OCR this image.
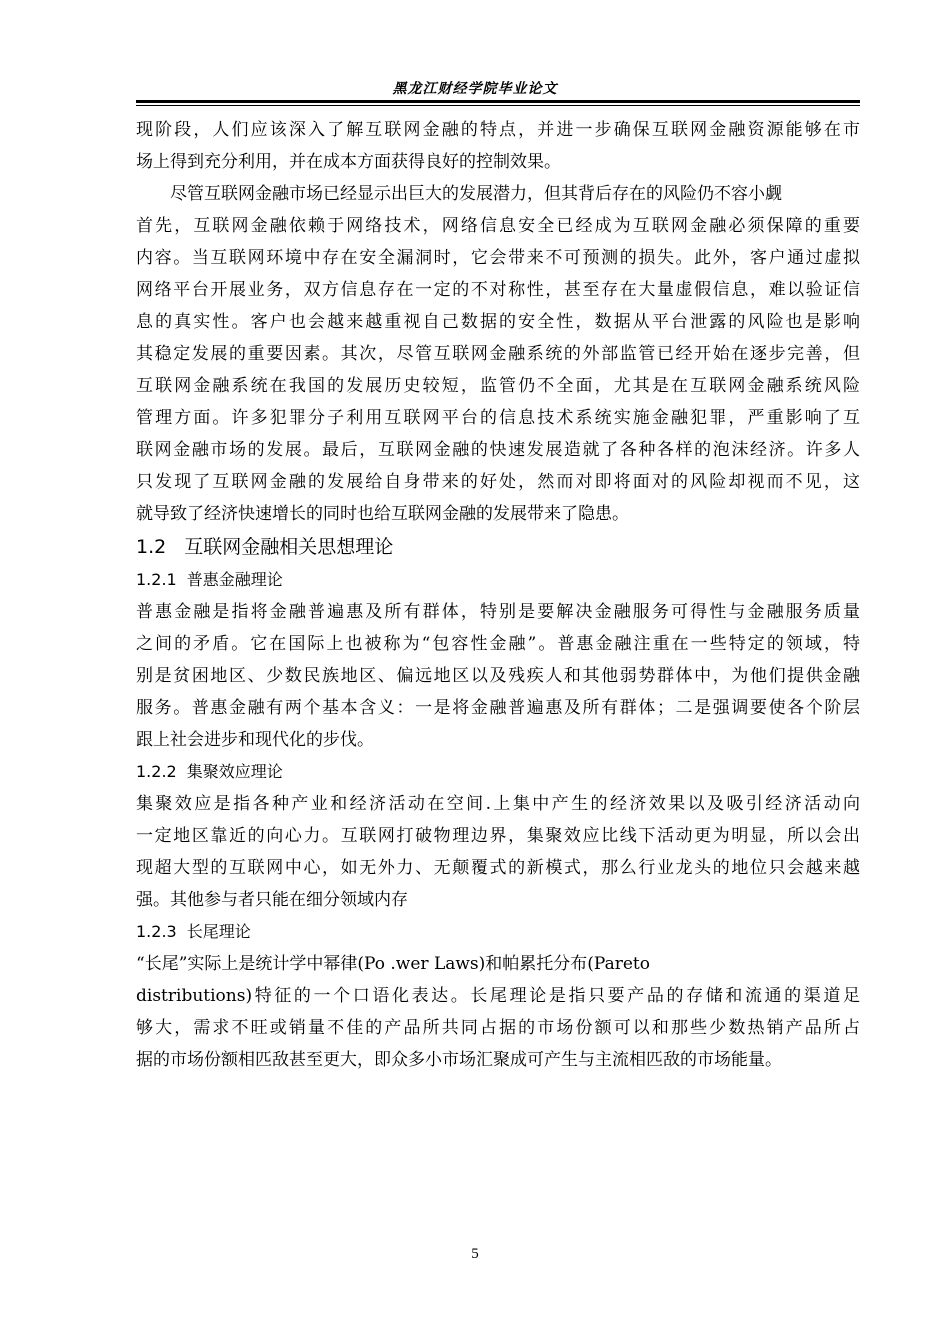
黑龙江财经学院毕业论文
现阶段，人们应该深入了解互联网金融的特点，并进一步确保互联网金融资源能够在市
场上得到充分利用，并在成本方面获得良好的控制效果。
尽管互联网金融市场已经显示出巨大的发展潜力，但其背后存在的风险仍不容小觑
首先，互联网金融依赖于网络技术，网络信息安全已经成为互联网金融必须保障的重要
内容。当互联网环境中存在安全漏洞时，它会带来不可预测的损失。此外，客户通过虚拟
网络平台开展业务，双方信息存在一定的不对称性，甚至存在大量虚假信息，难以验证信
息的真实性。客户也会越来越重视自己数据的安全性，数据从平台泄露的风险也是影响
其稳定发展的重要因素。其次，尽管互联网金融系统的外部监管已经开始在逐步完善，但
互联网金融系统在我国的发展历史较短，监管仍不全面，尤其是在互联网金融系统风险
管理方面。许多犯罪分子利用互联网平台的信息技术系统实施金融犯罪，严重影响了互
联网金融市场的发展。最后，互联网金融的快速发展造就了各种各样的泡沫经济。许多人
只发现了互联网金融的发展给自身带来的好处，然而对即将面对的风险却视而不见，这
就导致了经济快速增长的同时也给互联网金融的发展带来了隐患。
1.2 互联网金融相关思想理论
1.2.1 普惠金融理论
普惠金融是指将金融普遍惠及所有群体，特别是要解决金融服务可得性与金融服务质量
之间的矛盾。它在国际上也被称为“包容性金融”。普惠金融注重在一些特定的领域，特
别是贫困地区、少数民族地区、偏远地区以及残疾人和其他弱势群体中，为他们提供金融
服务。普惠金融有两个基本含义：一是将金融普遍惠及所有群体；二是强调要使各个阶层
跟上社会进步和现代化的步伐。
1.2.2 集聚效应理论
集聚效应是指各种产业和经济活动在空间.上集中产生的经济效果以及吸引经济活动向
一定地区靠近的向心力。互联网打破物理边界，集聚效应比线下活动更为明显，所以会出
现超大型的互联网中心，如无外力、无颠覆式的新模式，那么行业龙头的地位只会越来越
强。其他参与者只能在细分领域内存
1.2.3 长尾理论
“长尾”实际上是统计学中幂律(Po .wer Laws)和帕累托分布(Pareto
distributions)特征的一个口语化表达。长尾理论是指只要产品的存储和流通的渠道足
够大，需求不旺或销量不佳的产品所共同占据的市场份额可以和那些少数热销产品所占
据的市场份额相匹敌甚至更大，即众多小市场汇聚成可产生与主流相匹敌的市场能量。
5
